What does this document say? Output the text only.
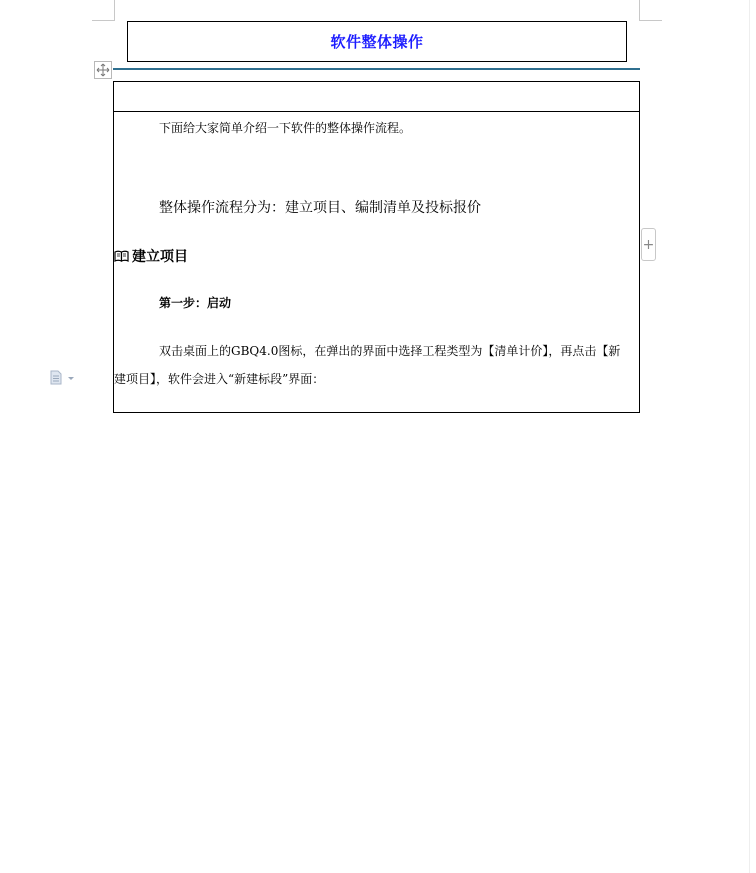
软件整体操作
下面给大家简单介绍一下软件的整体操作流程。
整体操作流程分为：建立项目、编制清单及投标报价
建立项目
第一步：启动
双击桌面上的GBQ4.0图标，在弹出的界面中选择工程类型为【清单计价】，再点击【新
建项目】，软件会进入“新建标段”界面：
+
